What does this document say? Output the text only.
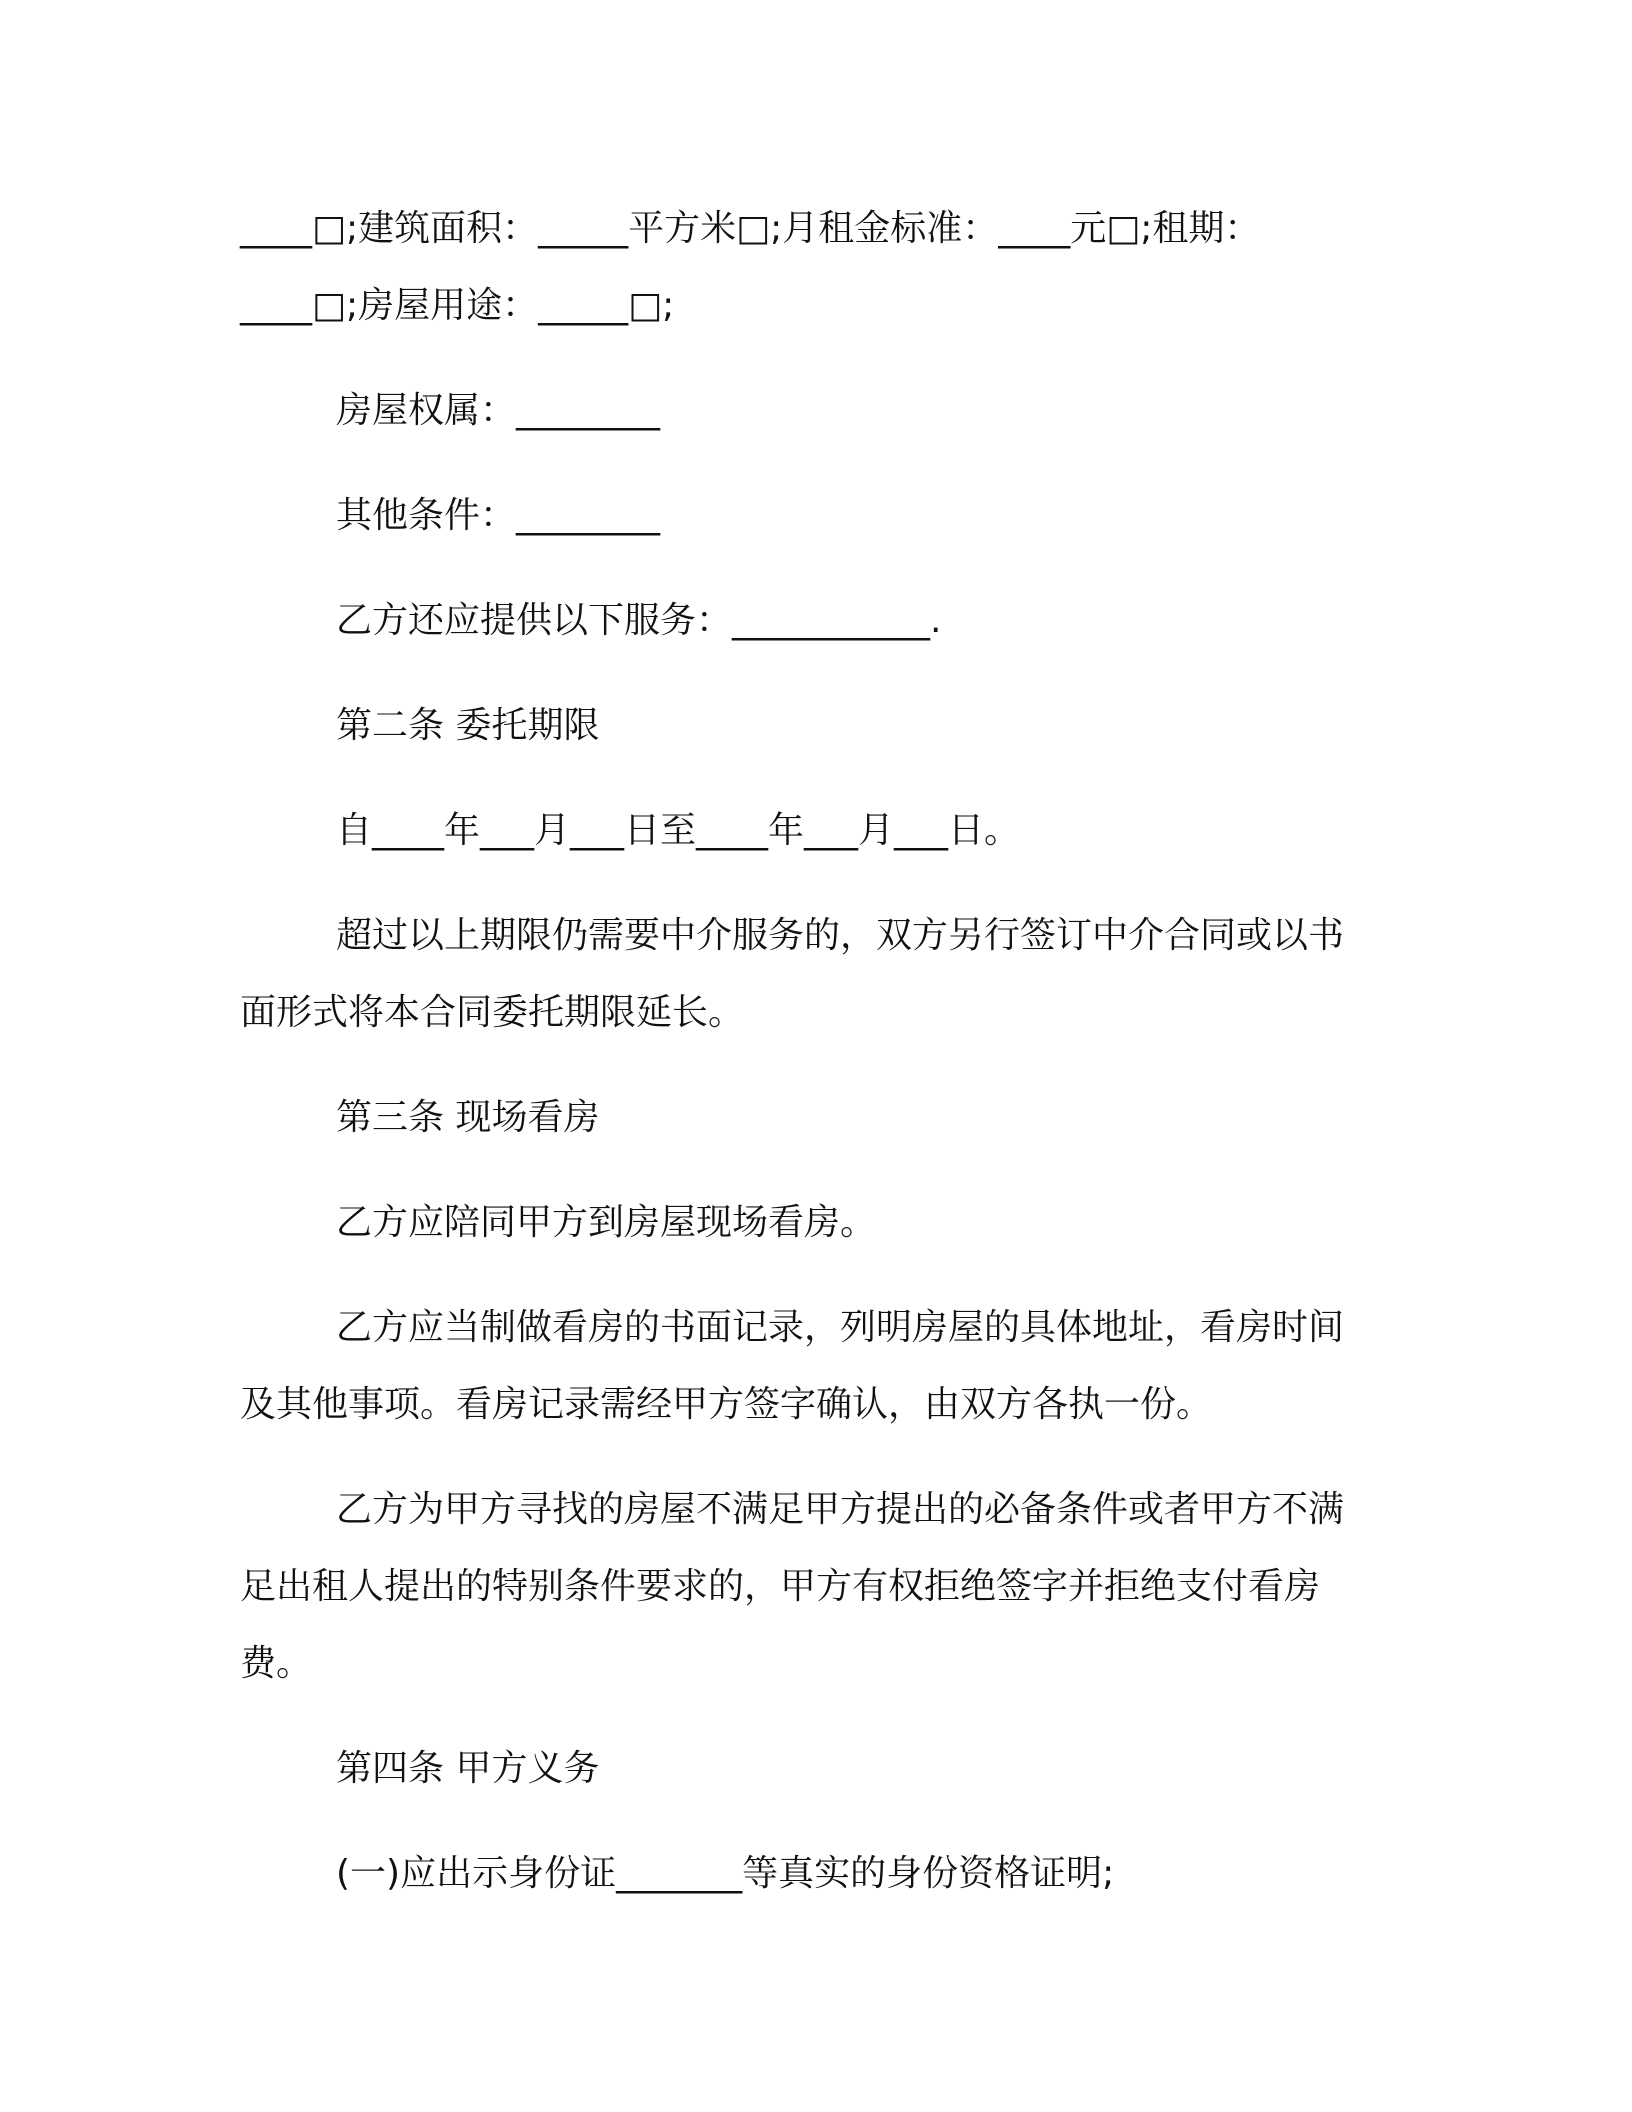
____□;建筑面积：_____平方米□;月租金标准：____元□;租期：

____□;房屋用途：_____□;

房屋权属：________

其他条件：________

乙方还应提供以下服务：___________.

第二条 委托期限

自____年___月___日至____年___月___日。

超过以上期限仍需要中介服务的，双方另行签订中介合同或以书

面形式将本合同委托期限延长。

第三条 现场看房

乙方应陪同甲方到房屋现场看房。

乙方应当制做看房的书面记录，列明房屋的具体地址，看房时间

及其他事项。看房记录需经甲方签字确认，由双方各执一份。

乙方为甲方寻找的房屋不满足甲方提出的必备条件或者甲方不满

足出租人提出的特别条件要求的，甲方有权拒绝签字并拒绝支付看房

费。

第四条 甲方义务

(一)应出示身份证_______等真实的身份资格证明;
